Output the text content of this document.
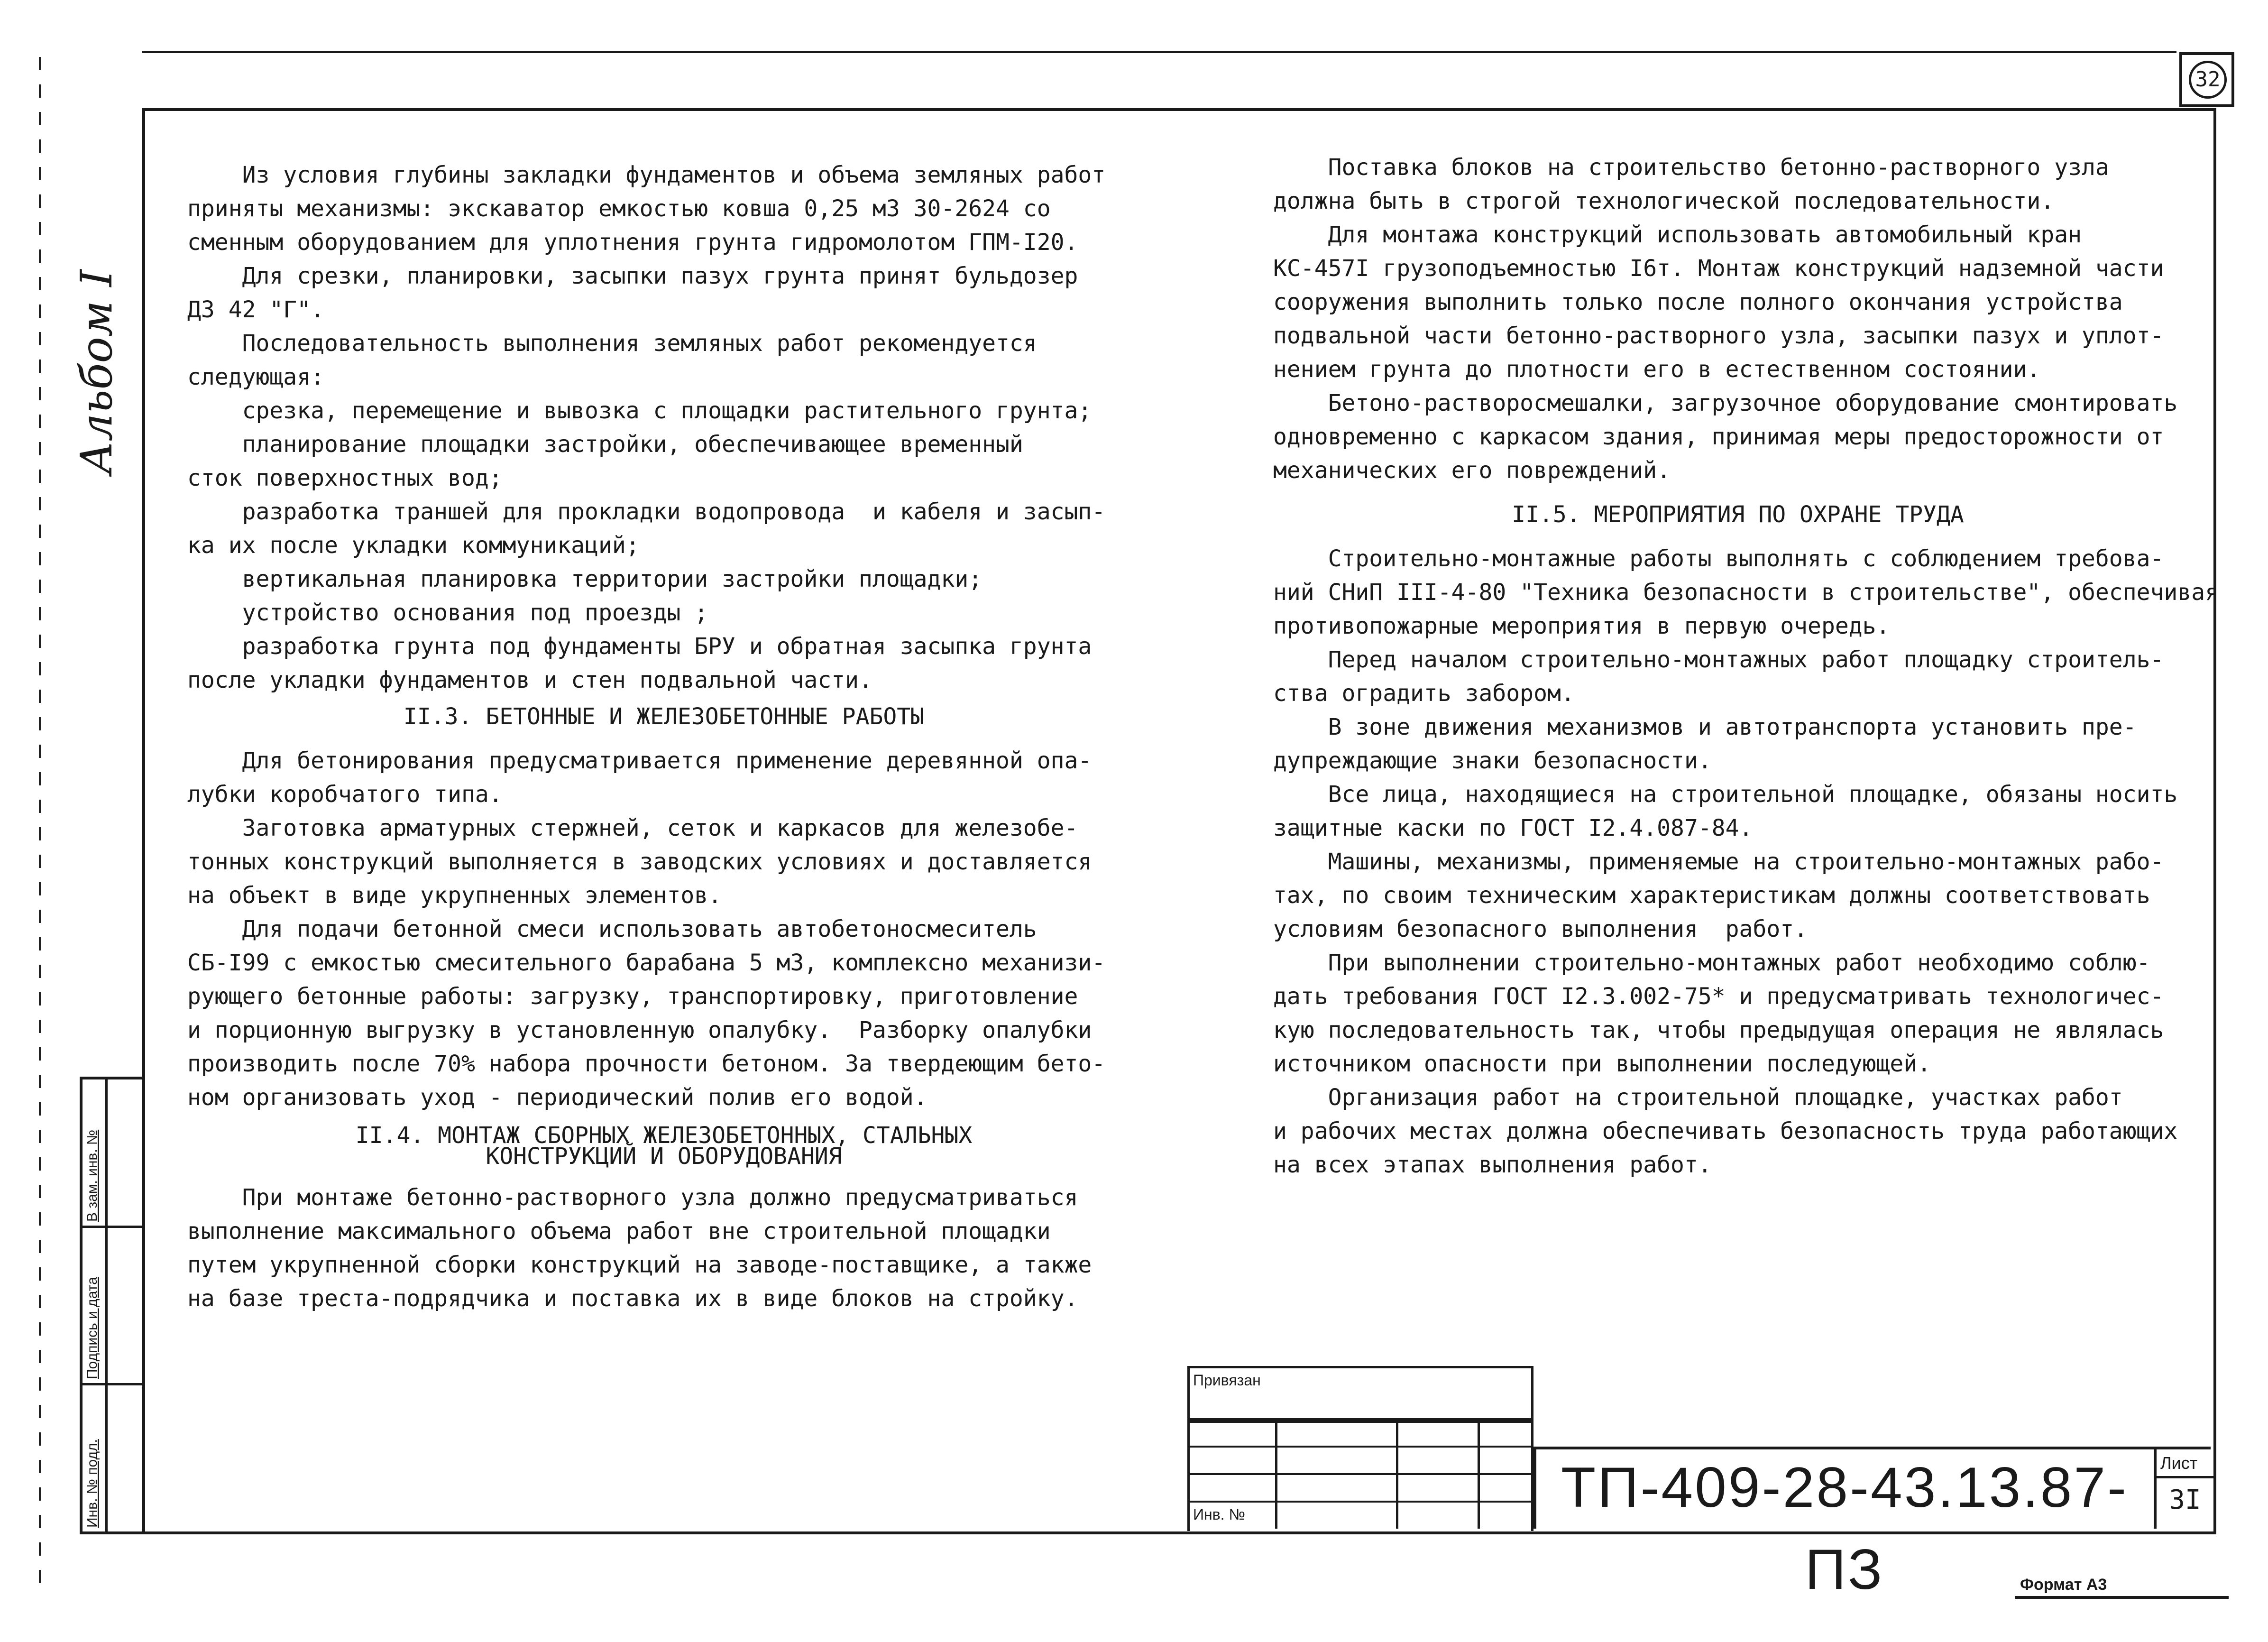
32
Альбом I
Инв. № подл.
Подпись и дата
В зам. инв. №

Из условия глубины закладки фундаментов и объема земляных работ

приняты механизмы: экскаватор емкостью ковша 0,25 м3 30-2624 со

сменным оборудованием для уплотнения грунта гидромолотом ГПМ-I20.

Для срезки, планировки, засыпки пазух грунта принят бульдозер

ДЗ 42 "Г".

Последовательность выполнения земляных работ рекомендуется

следующая:

срезка, перемещение и вывозка с площадки растительного грунта;

планирование площадки застройки, обеспечивающее временный

сток поверхностных вод;

разработка траншей для прокладки водопровода  и кабеля и засып-

ка их после укладки коммуникаций;

вертикальная планировка территории застройки площадки;

устройство основания под проезды ;

разработка грунта под фундаменты БРУ и обратная засыпка грунта

после укладки фундаментов и стен подвальной части.

II.3. БЕТОННЫЕ И ЖЕЛЕЗОБЕТОННЫЕ РАБОТЫ

Для бетонирования предусматривается применение деревянной опа-

лубки коробчатого типа.

Заготовка арматурных стержней, сеток и каркасов для железобе-

тонных конструкций выполняется в заводских условиях и доставляется

на объект в виде укрупненных элементов.

Для подачи бетонной смеси использовать автобетоносмеситель

СБ-I99 с емкостью смесительного барабана 5 м3, комплексно механизи-

рующего бетонные работы: загрузку, транспортировку, приготовление

и порционную выгрузку в установленную опалубку.  Разборку опалубки

производить после 70% набора прочности бетоном. За твердеющим бето-

ном организовать уход - периодический полив его водой.

II.4. МОНТАЖ СБОРНЫХ ЖЕЛЕЗОБЕТОННЫХ, СТАЛЬНЫХ

КОНСТРУКЦИЙ И ОБОРУДОВАНИЯ

При монтаже бетонно-растворного узла должно предусматриваться

выполнение максимального объема работ вне строительной площадки

путем укрупненной сборки конструкций на заводе-поставщике, а также

на базе треста-подрядчика и поставка их в виде блоков на стройку.

Поставка блоков на строительство бетонно-растворного узла

должна быть в строгой технологической последовательности.

Для монтажа конструкций использовать автомобильный кран

КС-457I грузоподъемностью I6т. Монтаж конструкций надземной части

сооружения выполнить только после полного окончания устройства

подвальной части бетонно-растворного узла, засыпки пазух и уплот-

нением грунта до плотности его в естественном состоянии.

Бетоно-растворосмешалки, загрузочное оборудование смонтировать

одновременно с каркасом здания, принимая меры предосторожности от

механических его повреждений.

II.5. МЕРОПРИЯТИЯ ПО ОХРАНЕ ТРУДА

Строительно-монтажные работы выполнять с соблюдением требова-

ний СНиП III-4-80 "Техника безопасности в строительстве", обеспечивая

противопожарные мероприятия в первую очередь.

Перед началом строительно-монтажных работ площадку строитель-

ства оградить забором.

В зоне движения механизмов и автотранспорта установить пре-

дупреждающие знаки безопасности.

Все лица, находящиеся на строительной площадке, обязаны носить

защитные каски по ГОСТ I2.4.087-84.

Машины, механизмы, применяемые на строительно-монтажных рабо-

тах, по своим техническим характеристикам должны соответствовать

условиям безопасного выполнения  работ.

При выполнении строительно-монтажных работ необходимо соблю-

дать требования ГОСТ I2.3.002-75* и предусматривать технологичес-

кую последовательность так, чтобы предыдущая операция не являлась

источником опасности при выполнении последующей.

Организация работ на строительной площадке, участках работ

и рабочих местах должна обеспечивать безопасность труда работающих

на всех этапах выполнения работ.

Привязан
Инв. №	ТП-409-28-43.13.87-ПЗ
Лист
3I
Формат А3
